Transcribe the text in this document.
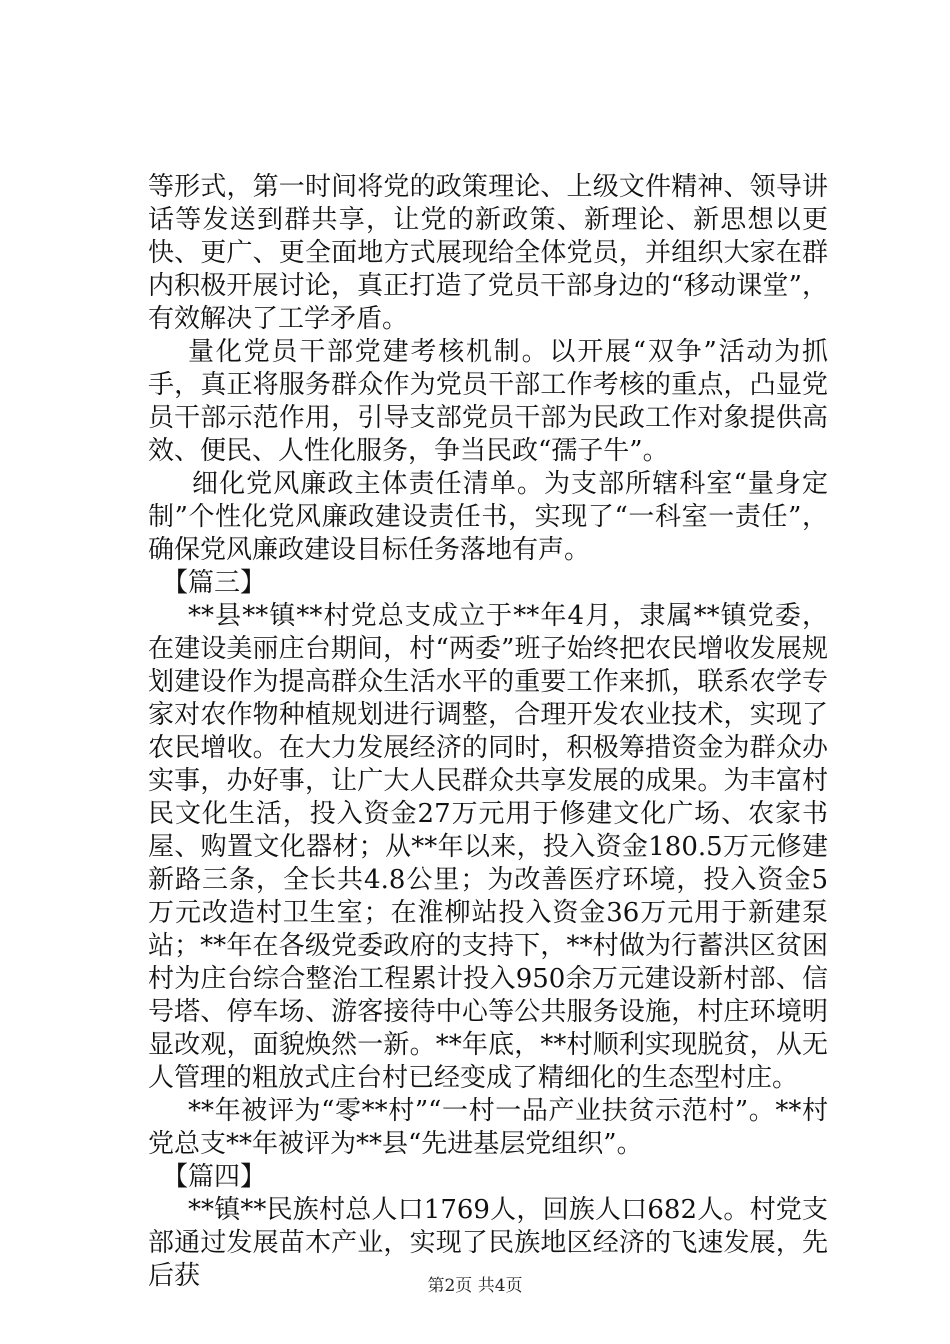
等形式，第一时间将党的政策理论、上级文件精神、领导讲话等发送到群共享，让党的新政策、新理论、新思想以更快、更广、更全面地方式展现给全体党员，并组织大家在群内积极开展讨论，真正打造了党员干部身边的“移动课堂”，有效解决了工学矛盾。

量化党员干部党建考核机制。以开展“双争”活动为抓手，真正将服务群众作为党员干部工作考核的重点，凸显党员干部示范作用，引导支部党员干部为民政工作对象提供高效、便民、人性化服务，争当民政“孺子牛”。

细化党风廉政主体责任清单。为支部所辖科室“量身定制”个性化党风廉政建设责任书，实现了“一科室一责任”，确保党风廉政建设目标任务落地有声。

【篇三】

**县**镇**村党总支成立于**年4月，隶属**镇党委，在建设美丽庄台期间，村“两委”班子始终把农民增收发展规划建设作为提高群众生活水平的重要工作来抓，联系农学专家对农作物种植规划进行调整，合理开发农业技术，实现了农民增收。在大力发展经济的同时，积极筹措资金为群众办实事，办好事，让广大人民群众共享发展的成果。为丰富村民文化生活，投入资金27万元用于修建文化广场、农家书屋、购置文化器材；从**年以来，投入资金180.5万元修建新路三条，全长共4.8公里；为改善医疗环境，投入资金5万元改造村卫生室；在淮柳站投入资金36万元用于新建泵站；**年在各级党委政府的支持下，**村做为行蓄洪区贫困村为庄台综合整治工程累计投入950余万元建设新村部、信号塔、停车场、游客接待中心等公共服务设施，村庄环境明显改观，面貌焕然一新。**年底，**村顺利实现脱贫，从无人管理的粗放式庄台村已经变成了精细化的生态型村庄。

**年被评为“零**村”“一村一品产业扶贫示范村”。**村党总支**年被评为**县“先进基层党组织”。

【篇四】

**镇**民族村总人口1769人，回族人口682人。村党支部通过发展苗木产业，实现了民族地区经济的飞速发展，先后获	第2页 共4页
